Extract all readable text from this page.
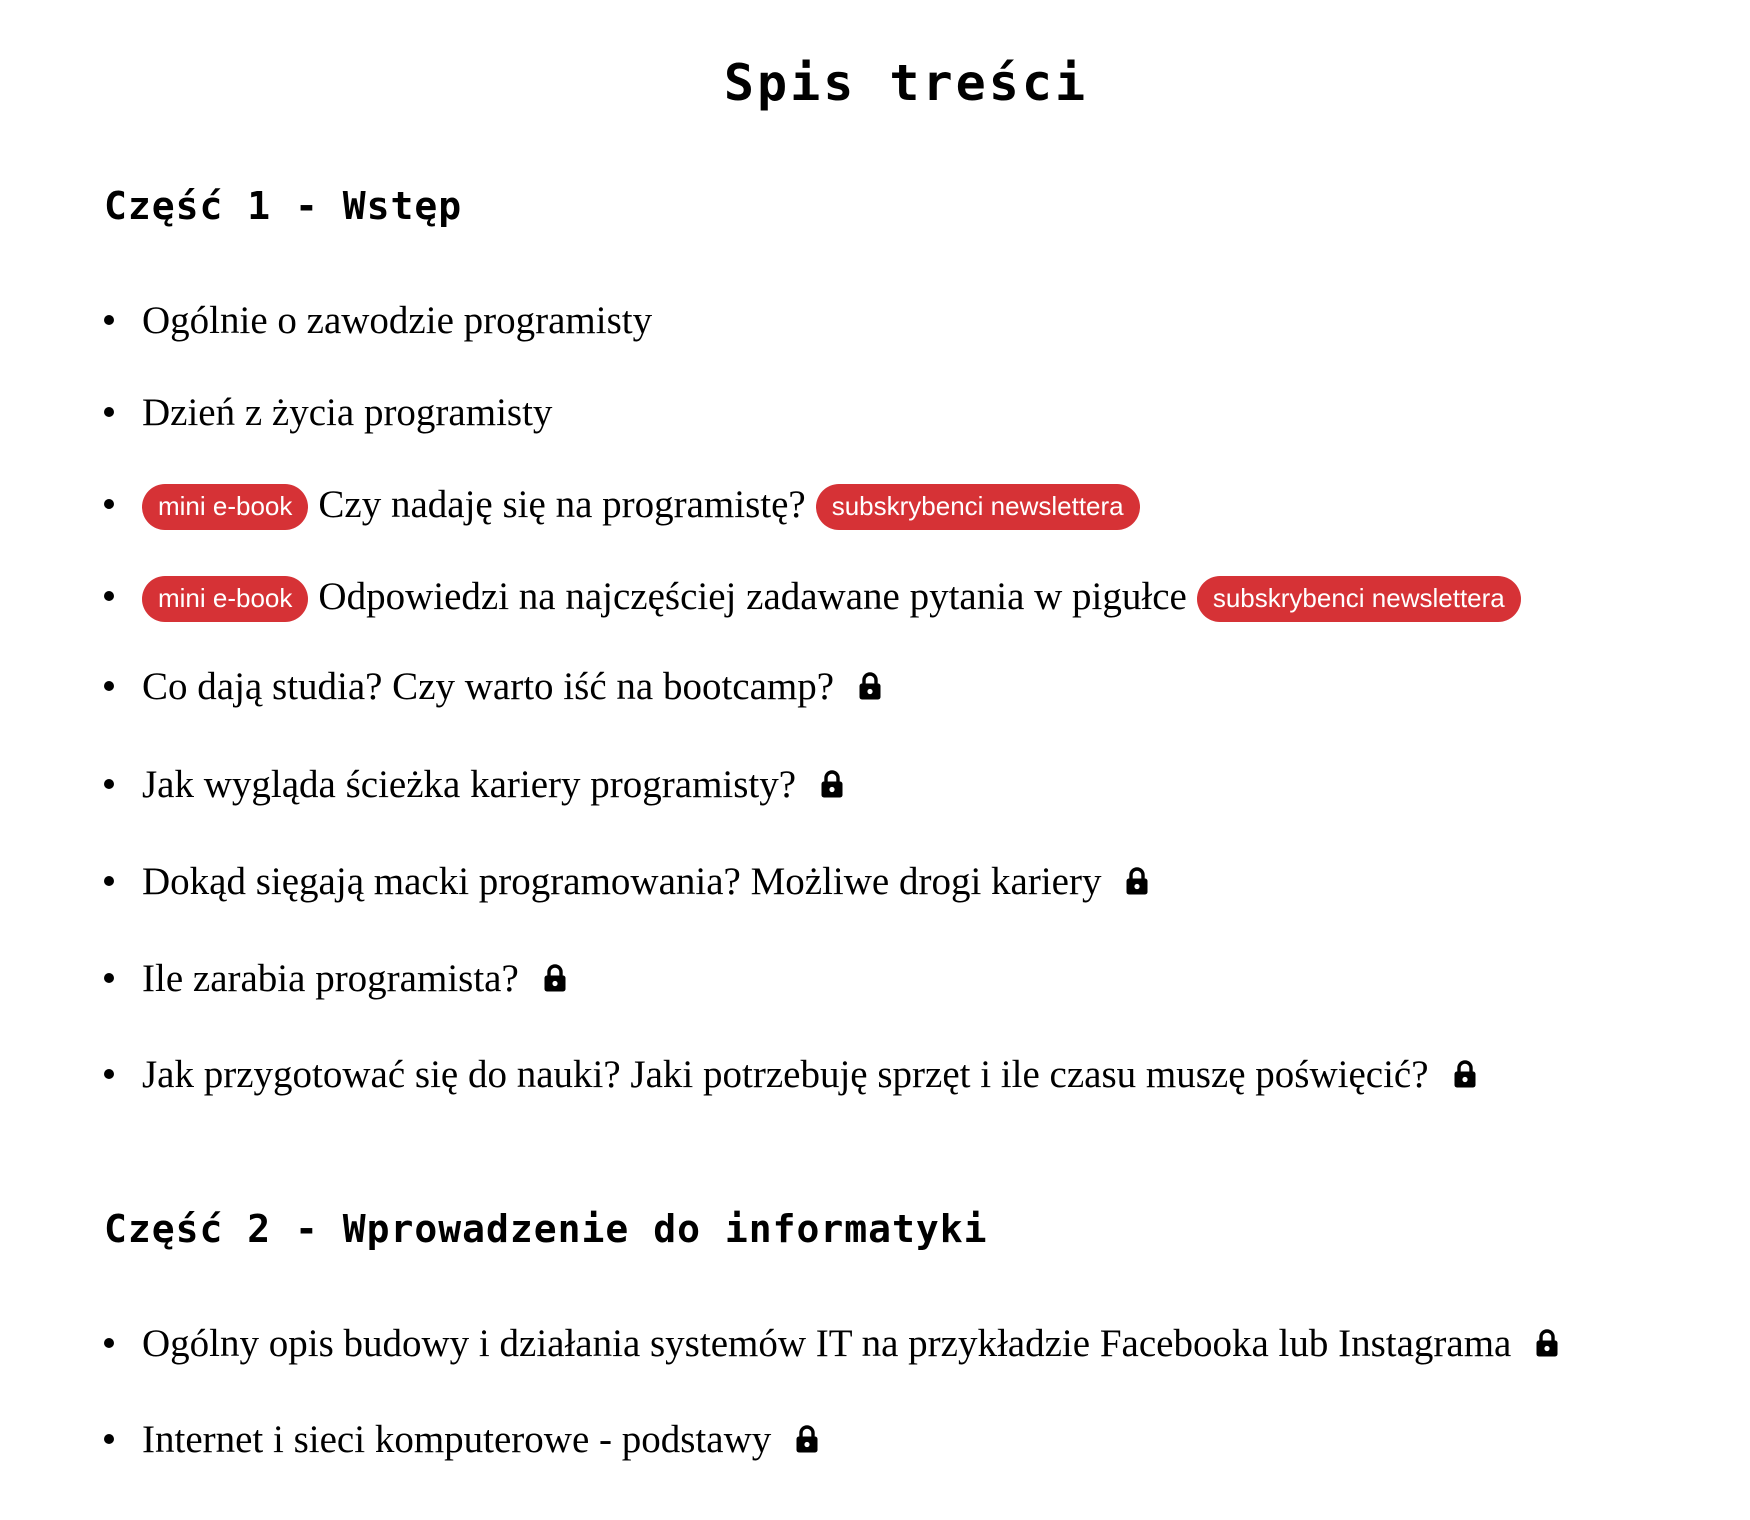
Spis treści
Część 1 - Wstęp
Ogólnie o zawodzie programisty
Dzień z życia programisty
mini e-book Czy nadaję się na programistę?	subskrybenci newslettera
mini e-book Odpowiedzi na najczęściej zadawane pytania w pigułce	subskrybenci newslettera
Co dają studia? Czy warto iść na bootcamp?
Jak wygląda ścieżka kariery programisty?
Dokąd sięgają macki programowania? Możliwe drogi kariery
Ile zarabia programista?
Jak przygotować się do nauki? Jaki potrzebuję sprzęt i ile czasu muszę poświęcić?
Część 2 - Wprowadzenie do informatyki
Ogólny opis budowy i działania systemów IT na przykładzie Facebooka lub Instagrama
Internet i sieci komputerowe - podstawy
